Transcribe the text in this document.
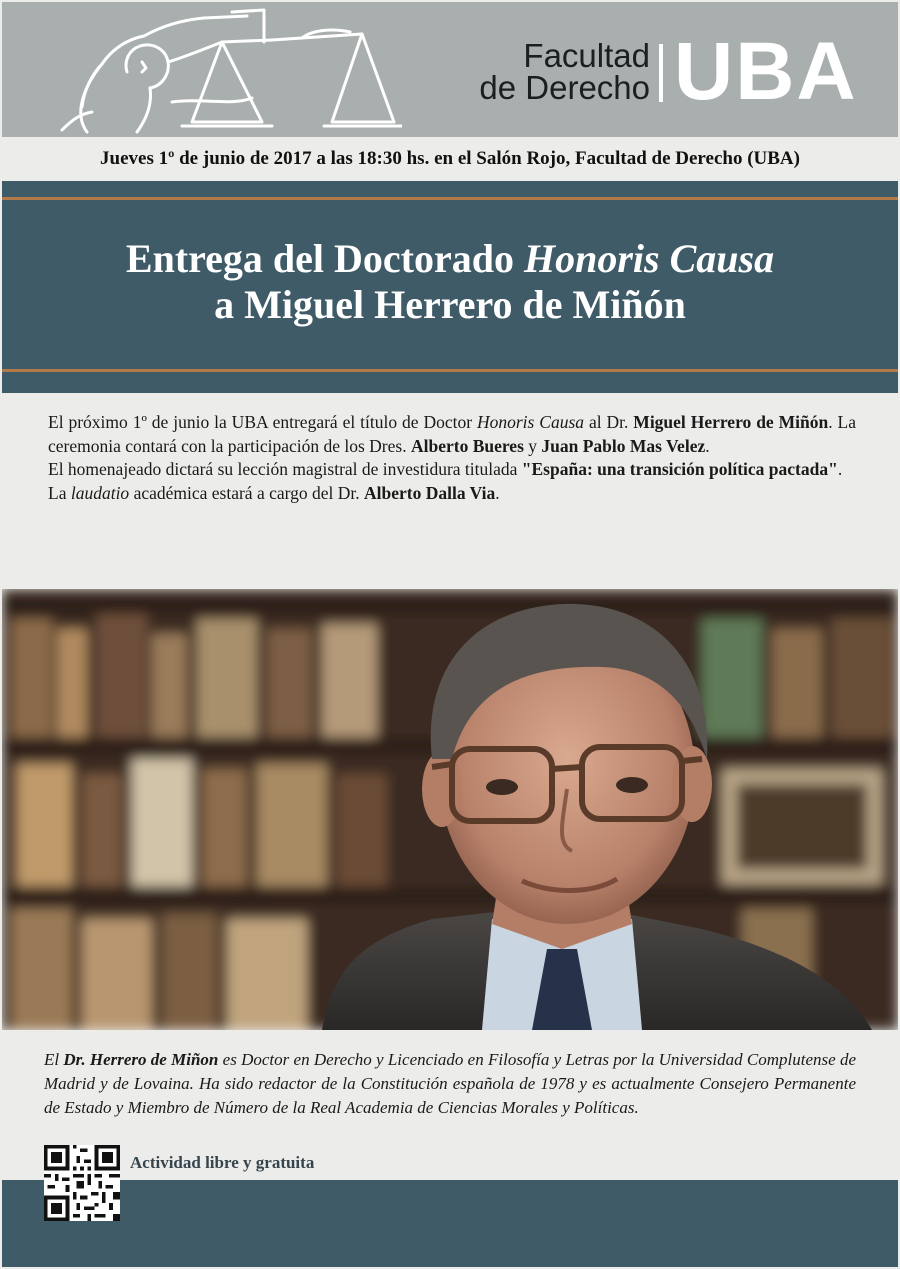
Facultad
de Derecho UBA
Jueves 1º de junio de 2017 a las 18:30 hs. en el Salón Rojo, Facultad de Derecho (UBA)
Entrega del Doctorado Honoris Causa
a Miguel Herrero de Miñón

El próximo 1º de junio la UBA entregará el título de Doctor Honoris Causa al Dr. Miguel Herrero de Miñón. La ceremonia contará con la participación de los Dres. Alberto Bueres y Juan Pablo Mas Velez.

El homenajeado dictará su lección magistral de investidura titulada "España: una transición política pactada".

La laudatio académica estará a cargo del Dr. Alberto Dalla Via.

El Dr. Herrero de Miñon es Doctor en Derecho y Licenciado en Filosofía y Letras por la Universidad Complutense de Madrid y de Lovaina. Ha sido redactor de la Constitución española de 1978 y es actualmente Consejero Permanente de Estado y Miembro de Número de la Real Academia de Ciencias Morales y Políticas.

Actividad libre y gratuita
